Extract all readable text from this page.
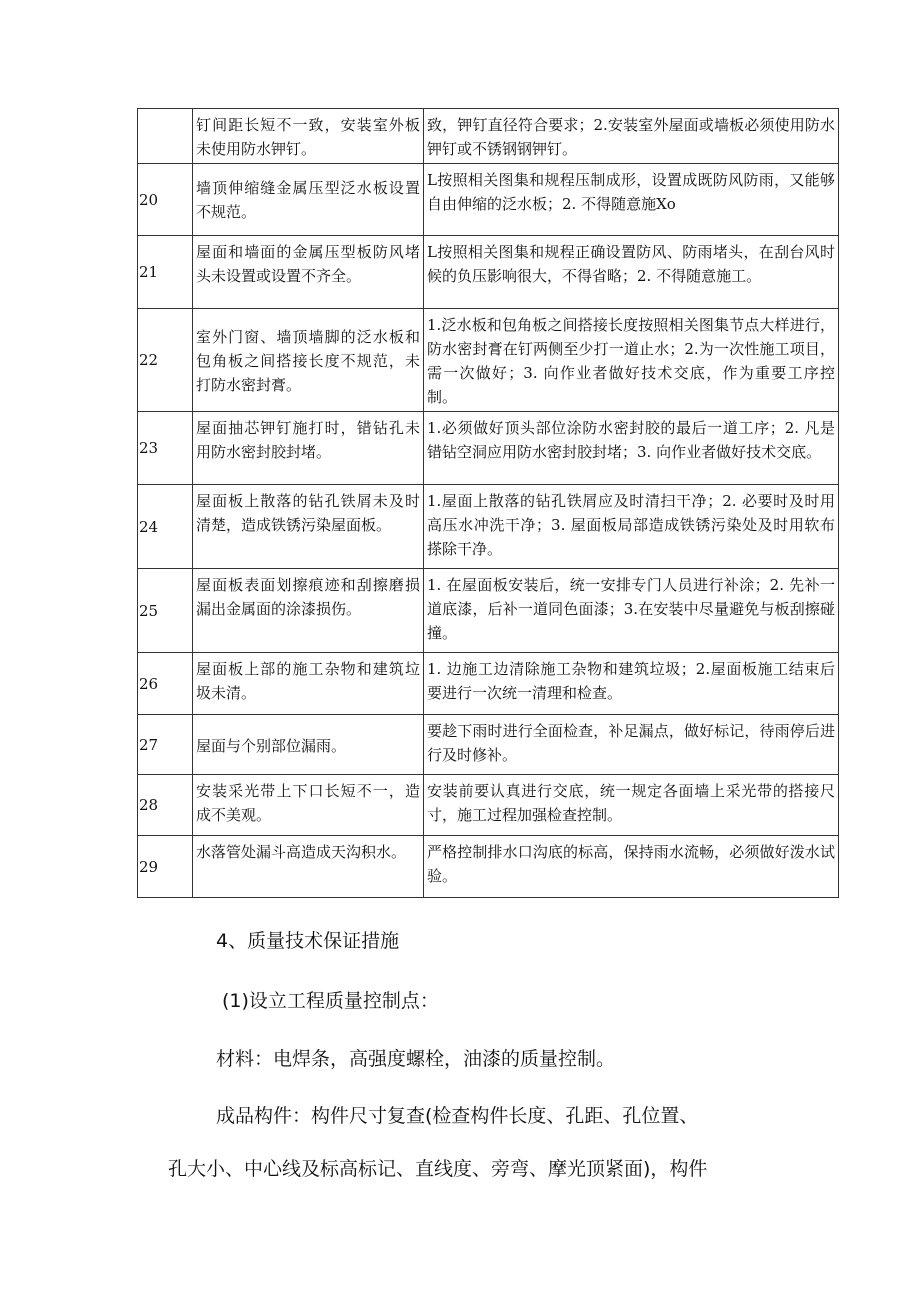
	钉间距长短不一致，安装室外板未使用防水钾钉。	致，钾钉直径符合要求；2.安装室外屋面或墙板必须使用防水钾钉或不锈钢钢钾钉。
20	墙顶伸缩缝金属压型泛水板设置不规范。	L按照相关图集和规程压制成形，设置成既防风防雨，又能够自由伸缩的泛水板；2. 不得随意施Xo
21	屋面和墙面的金属压型板防风堵头未设置或设置不齐全。	L按照相关图集和规程正确设置防风、防雨堵头，在刮台风时候的负压影响很大，不得省略；2. 不得随意施工。
22	室外门窗、墙顶墙脚的泛水板和包角板之间搭接长度不规范，未打防水密封膏。	1.泛水板和包角板之间搭接长度按照相关图集节点大样进行，防水密封膏在钉两侧至少打一道止水；2.为一次性施工项目，需一次做好；3. 向作业者做好技术交底，作为重要工序控制。
23	屋面抽芯钾钉施打时，错钻孔未用防水密封胶封堵。	1.必须做好顶头部位涂防水密封胶的最后一道工序；2. 凡是错钻空洞应用防水密封胶封堵；3. 向作业者做好技术交底。
24	屋面板上散落的钻孔铁屑未及时清楚，造成铁锈污染屋面板。	1.屋面上散落的钻孔铁屑应及时清扫干净；2. 必要时及时用高压水冲洗干净；3. 屋面板局部造成铁锈污染处及时用软布搽除干净。
25	屋面板表面划擦痕迹和刮擦磨损漏出金属面的涂漆损伤。	1. 在屋面板安装后，统一安排专门人员进行补涂；2. 先补一道底漆，后补一道同色面漆；3.在安装中尽量避免与板刮擦碰撞。
26	屋面板上部的施工杂物和建筑垃圾未清。	1. 边施工边清除施工杂物和建筑垃圾；2.屋面板施工结束后要进行一次统一清理和检查。
27	屋面与个别部位漏雨。	要趁下雨时进行全面检查，补足漏点，做好标记，待雨停后进行及时修补。
28	安装采光带上下口长短不一，造成不美观。	安装前要认真进行交底，统一规定各面墙上采光带的搭接尺寸，施工过程加强检查控制。
29	水落管处漏斗高造成天沟积水。	严格控制排水口沟底的标高，保持雨水流畅，必须做好泼水试验。
4、质量技术保证措施
(1)设立工程质量控制点：
材料：电焊条，高强度螺栓，油漆的质量控制。
成品构件：构件尺寸复查(检查构件长度、孔距、孔位置、
孔大小、中心线及标高标记、直线度、旁弯、摩光顶紧面)，构件
